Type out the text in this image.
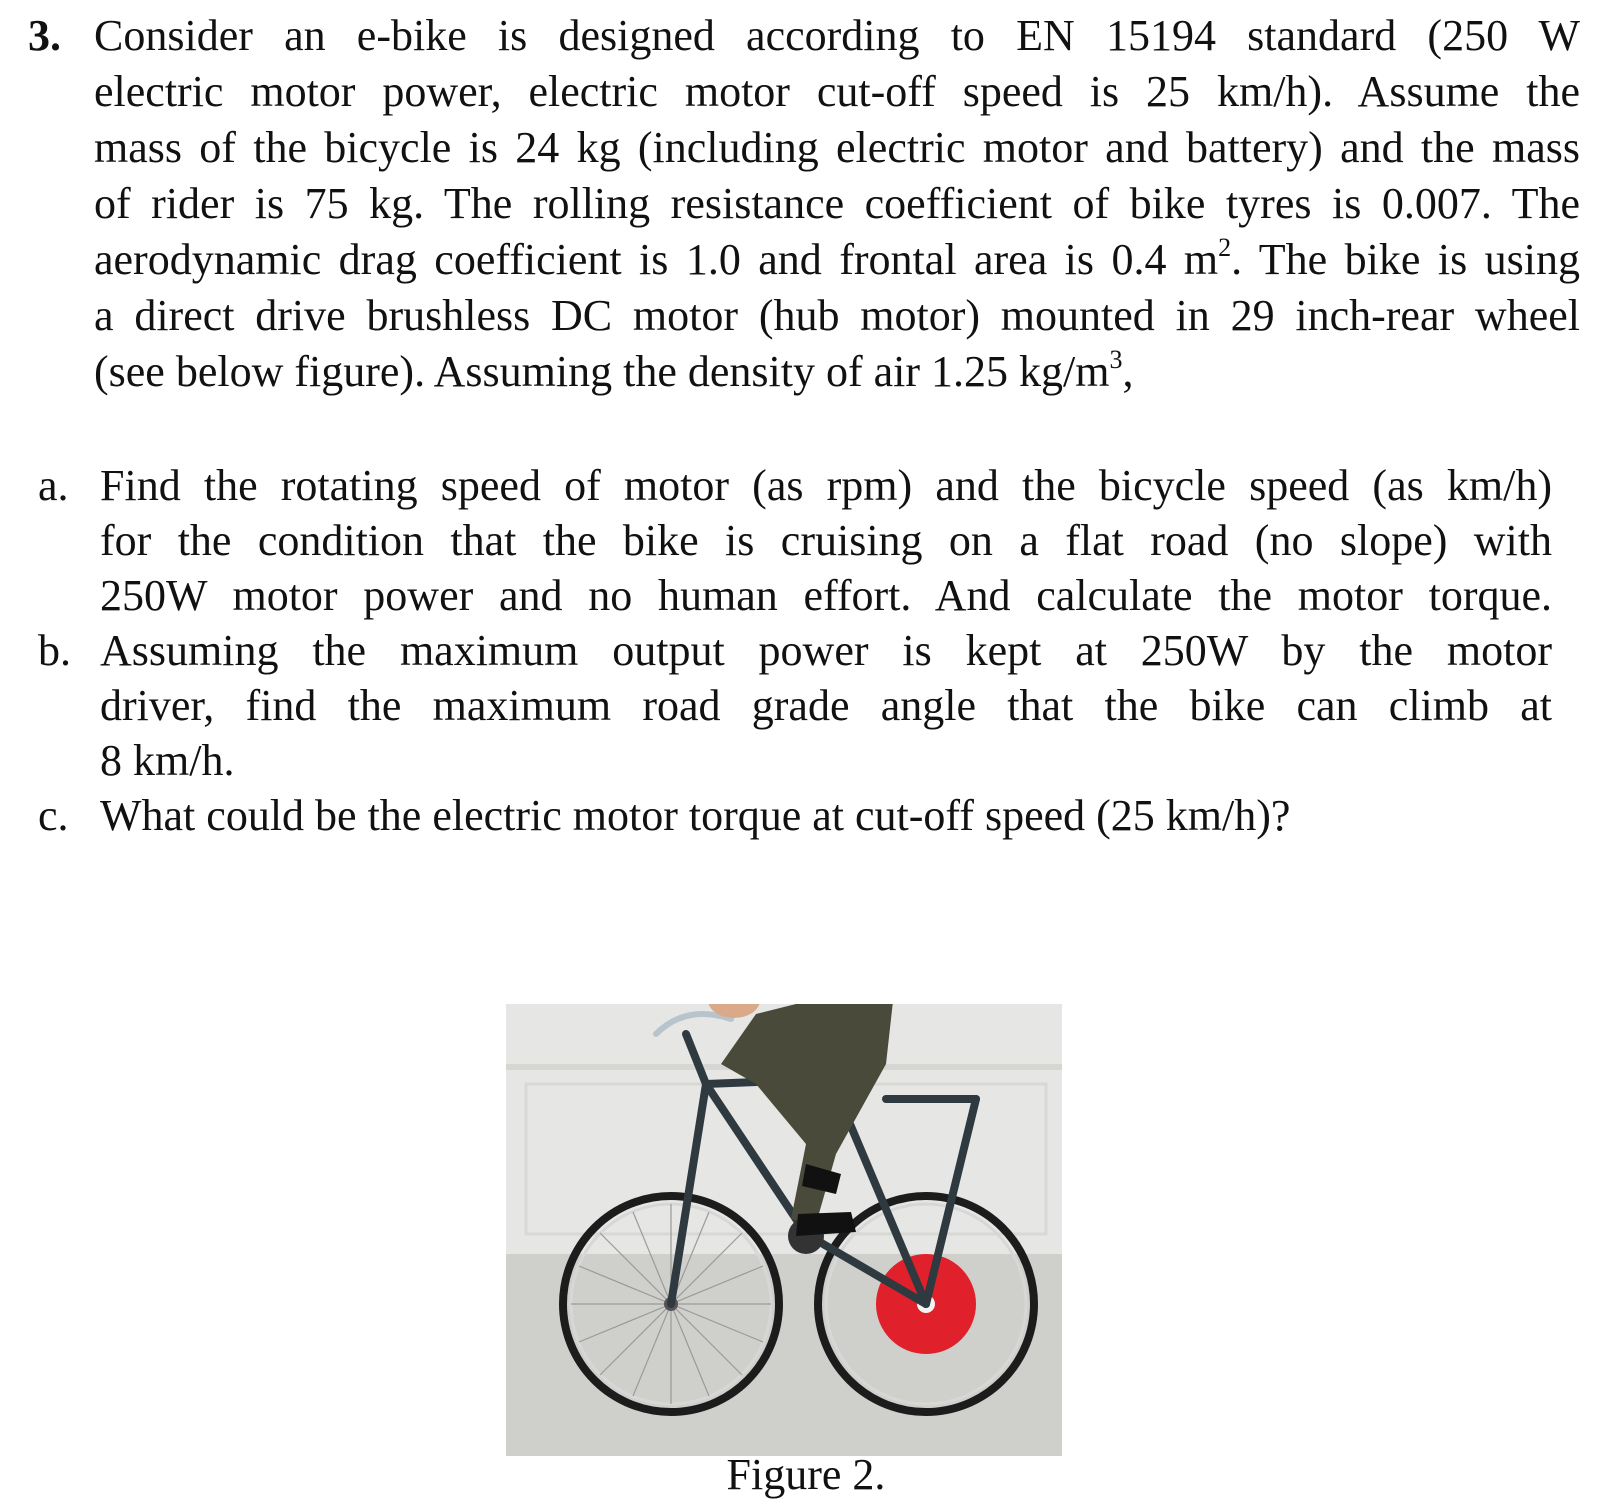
3. Consider an e-bike is designed according to EN 15194 standard (250 W
electric motor power, electric motor cut-off speed is 25 km/h). Assume the
mass of the bicycle is 24 kg (including electric motor and battery) and the mass
of rider is 75 kg. The rolling resistance coefficient of bike tyres is 0.007. The
aerodynamic drag coefficient is 1.0 and frontal area is 0.4 $m^2$. The bike is using
a direct drive brushless DC motor (hub motor) mounted in 29 inch-rear wheel
(see below figure). Assuming the density of air 1.25 $kg/m^3$,
a. Find the rotating speed of motor (as rpm) and the bicycle speed (as km/h)
for the condition that the bike is cruising on a flat road (no slope) with
250W motor power and no human effort. And calculate the motor torque.
b. Assuming the maximum output power is kept at 250W by the motor
driver, find the maximum road grade angle that the bike can climb at
8 km/h.
c. What could be the electric motor torque at cut-off speed (25 km/h)?
Figure 2.
